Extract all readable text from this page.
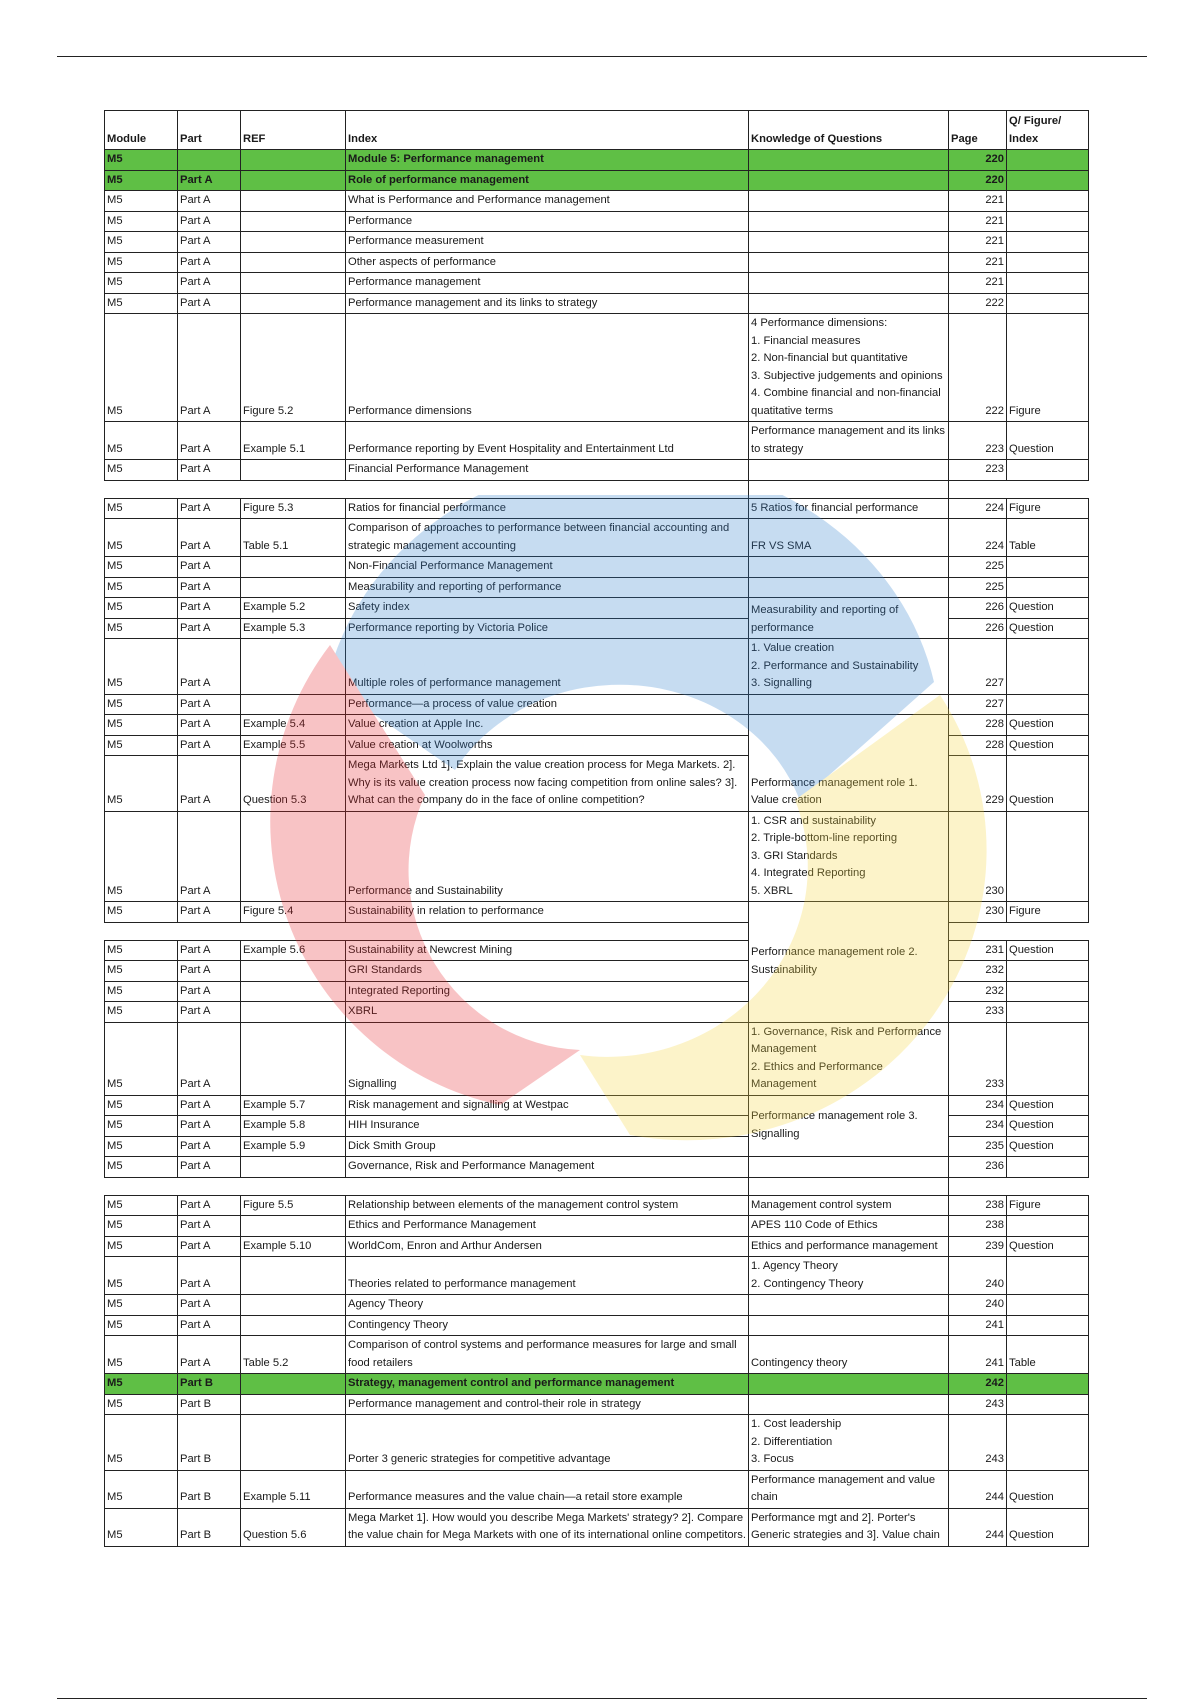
Module	Part	REF	Index	Knowledge of Questions	Page	Q/ Figure/ Index
M5			Module 5: Performance management		220	
M5	Part A		Role of performance management		220	
M5	Part A		What is Performance and Performance management		221	
M5	Part A		Performance		221	
M5	Part A		Performance measurement		221	
M5	Part A		Other aspects of performance		221	
M5	Part A		Performance management		221	
M5	Part A		Performance management and its links to strategy		222	
M5	Part A	Figure 5.2	Performance dimensions	4 Performance dimensions:
1. Financial measures
2. Non-financial but quantitative
3. Subjective judgements and opinions
4. Combine financial and non-financial quatitative terms	222	Figure
M5	Part A	Example 5.1	Performance reporting by Event Hospitality and Entertainment Ltd	Performance management and its links to strategy	223	Question
M5	Part A		Financial Performance Management		223	

M5	Part A	Figure 5.3	Ratios for financial performance	5 Ratios for financial performance	224	Figure
M5	Part A	Table 5.1	Comparison of approaches to performance between financial accounting and strategic management accounting	FR VS SMA	224	Table
M5	Part A		Non-Financial Performance Management		225	
M5	Part A		Measurability and reporting of performance		225	
M5	Part A	Example 5.2	Safety index	Measurability and reporting of performance	226	Question
M5	Part A	Example 5.3	Performance reporting by Victoria Police		226	Question
M5	Part A		Multiple roles of performance management	1. Value creation
2. Performance and Sustainability
3. Signalling	227	
M5	Part A		Performance—a process of value creation		227	
M5	Part A	Example 5.4	Value creation at Apple Inc.	Performance management role 1. Value creation	228	Question
M5	Part A	Example 5.5	Value creation at Woolworths		228	Question
M5	Part A	Question 5.3	Mega Markets Ltd 1]. Explain the value creation process for Mega Markets. 2]. Why is its value creation process now facing competition from online sales? 3]. What can the company do in the face of online competition?		229	Question
M5	Part A		Performance and Sustainability	1. CSR and sustainability
2. Triple-bottom-line reporting
3. GRI Standards
4. Integrated Reporting
5. XBRL	230	
M5	Part A	Figure 5.4	Sustainability in relation to performance	Performance management role 2. Sustainability	230	Figure

M5	Part A	Example 5.6	Sustainability at Newcrest Mining		231	Question
M5	Part A		GRI Standards		232	
M5	Part A		Integrated Reporting		232	
M5	Part A		XBRL		233	
M5	Part A		Signalling	1. Governance, Risk and Performance Management
2. Ethics and Performance Management	233	
M5	Part A	Example 5.7	Risk management and signalling at Westpac	Performance management role 3. Signalling	234	Question
M5	Part A	Example 5.8	HIH Insurance		234	Question
M5	Part A	Example 5.9	Dick Smith Group		235	Question
M5	Part A		Governance, Risk and Performance Management		236	

M5	Part A	Figure 5.5	Relationship between elements of the management control system	Management control system	238	Figure
M5	Part A		Ethics and Performance Management	APES 110 Code of Ethics	238	
M5	Part A	Example 5.10	WorldCom, Enron and Arthur Andersen	Ethics and performance management	239	Question
M5	Part A		Theories related to performance management	1. Agency Theory
2. Contingency Theory	240	
M5	Part A		Agency Theory		240	
M5	Part A		Contingency Theory		241	
M5	Part A	Table 5.2	Comparison of control systems and performance measures for large and small food retailers	Contingency theory	241	Table
M5	Part B		Strategy, management control and performance management		242	
M5	Part B		Performance management and control-their role in strategy		243	
M5	Part B		Porter 3 generic strategies for competitive advantage	1. Cost leadership
2. Differentiation
3. Focus	243	
M5	Part B	Example 5.11	Performance measures and the value chain—a retail store example	Performance management and value chain	244	Question
M5	Part B	Question 5.6	Mega Market 1]. How would you describe Mega Markets' strategy? 2]. Compare the value chain for Mega Markets with one of its international online competitors.	Performance mgt and 2]. Porter's Generic strategies and 3]. Value chain	244	Question
